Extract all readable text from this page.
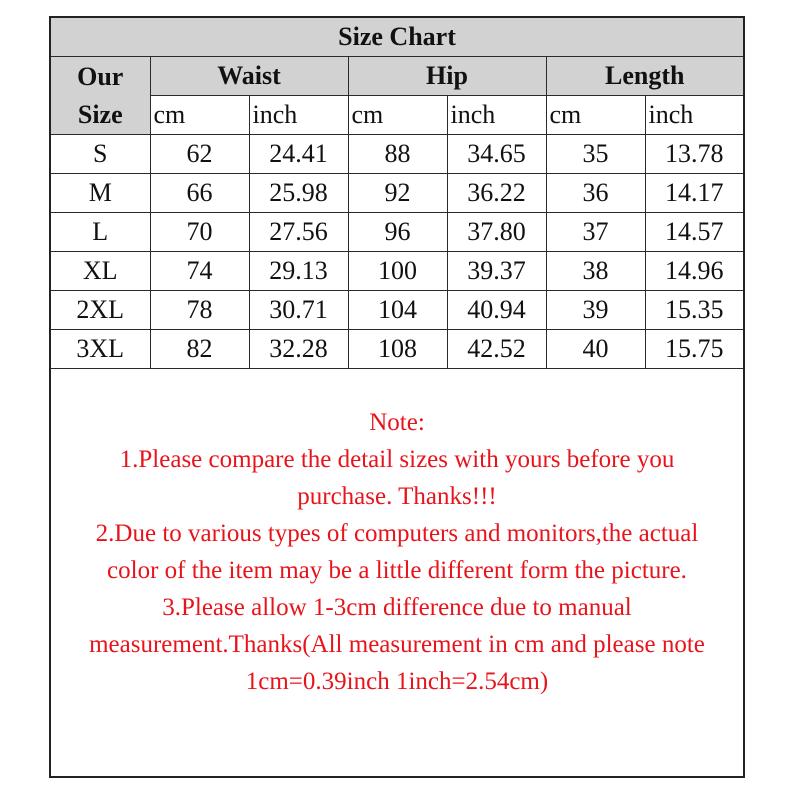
Size Chart						

Our
Size	Waist		Hip		Length	
	cm	inch	cm	inch	cm	inch
S	62	24.41	88	34.65	35	13.78
M	66	25.98	92	36.22	36	14.17
L	70	27.56	96	37.80	37	14.57
XL	74	29.13	100	39.37	38	14.96
2XL	78	30.71	104	40.94	39	15.35
3XL	82	32.28	108	42.52	40	15.75
Note:
1.Please compare the detail sizes with yours before you purchase. Thanks!!!
2.Due to various types of computers and monitors,the actual color of the item may be a little different form the picture.
3.Please allow 1-3cm difference due to manual measurement.Thanks(All measurement in cm and please note 1cm=0.39inch 1inch=2.54cm)
